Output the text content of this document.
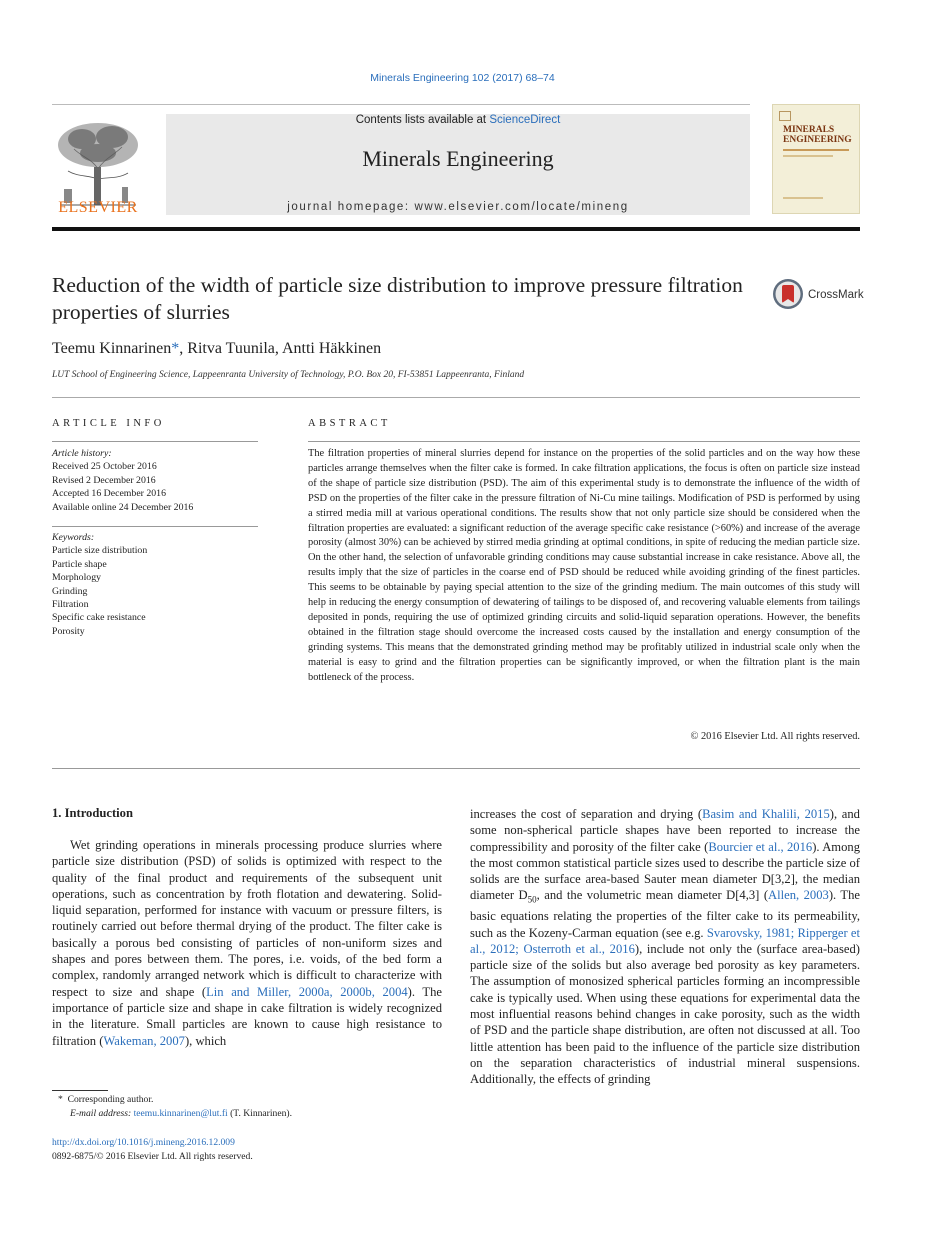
Minerals Engineering 102 (2017) 68–74
ELSEVIER
Contents lists available at ScienceDirect
Minerals Engineering
journal homepage: www.elsevier.com/locate/mineng
MINERALS
ENGINEERING
Reduction of the width of particle size distribution to improve pressure filtration properties of slurries
CrossMark
Teemu Kinnarinen*, Ritva Tuunila, Antti Häkkinen
LUT School of Engineering Science, Lappeenranta University of Technology, P.O. Box 20, FI-53851 Lappeenranta, Finland
ARTICLE INFO
Article history:
Received 25 October 2016
Revised 2 December 2016
Accepted 16 December 2016
Available online 24 December 2016
Keywords:
Particle size distribution
Particle shape
Morphology
Grinding
Filtration
Specific cake resistance
Porosity
ABSTRACT
The filtration properties of mineral slurries depend for instance on the properties of the solid particles and on the way how these particles arrange themselves when the filter cake is formed. In cake filtration applications, the focus is often on particle size instead of the shape of particle size distribution (PSD). The aim of this experimental study is to demonstrate the influence of the width of PSD on the properties of the filter cake in the pressure filtration of Ni-Cu mine tailings. Modification of PSD is performed by using a stirred media mill at various operational conditions. The results show that not only particle size should be considered when the filtration properties are evaluated: a significant reduction of the average specific cake resistance (>60%) and increase of the average porosity (almost 30%) can be achieved by stirred media grinding at optimal conditions, in spite of reducing the median particle size. On the other hand, the selection of unfavorable grinding conditions may cause substantial increase in cake resistance. Above all, the results imply that the size of particles in the coarse end of PSD should be reduced while avoiding grinding of the finest particles. This seems to be obtainable by paying special attention to the size of the grinding medium. The main outcomes of this study will help in reducing the energy consumption of dewatering of tailings to be disposed of, and recovering valuable elements from tailings deposited in ponds, requiring the use of optimized grinding circuits and solid-liquid separation operations. However, the benefits obtained in the filtration stage should overcome the increased costs caused by the installation and energy consumption of the grinding systems. This means that the demonstrated grinding method may be profitably utilized in industrial scale only when the material is easy to grind and the filtration properties can be significantly improved, or when the filtration plant is the main bottleneck of the process.
© 2016 Elsevier Ltd. All rights reserved.
1. Introduction

Wet grinding operations in minerals processing produce slurries where particle size distribution (PSD) of solids is optimized with respect to the quality of the final product and requirements of the subsequent unit operations, such as concentration by froth flotation and dewatering. Solid-liquid separation, performed for instance with vacuum or pressure filters, is routinely carried out before thermal drying of the product. The filter cake is basically a porous bed consisting of particles of non-uniform sizes and shapes and pores between them. The pores, i.e. voids, of the bed form a complex, randomly arranged network which is difficult to characterize with respect to size and shape (Lin and Miller, 2000a, 2000b, 2004). The importance of particle size and shape in cake filtration is widely recognized in the literature. Small particles are known to cause high resistance to filtration (Wakeman, 2007), which

* Corresponding author.
E-mail address: teemu.kinnarinen@lut.fi (T. Kinnarinen).
http://dx.doi.org/10.1016/j.mineng.2016.12.009
0892-6875/© 2016 Elsevier Ltd. All rights reserved.

increases the cost of separation and drying (Basim and Khalili, 2015), and some non-spherical particle shapes have been reported to increase the compressibility and porosity of the filter cake (Bourcier et al., 2016). Among the most common statistical particle sizes used to describe the particle size of solids are the surface area-based Sauter mean diameter D[3,2], the median diameter $D_{50}$, and the volumetric mean diameter D[4,3] (Allen, 2003). The basic equations relating the properties of the filter cake to its permeability, such as the Kozeny-Carman equation (see e.g. Svarovsky, 1981; Ripperger et al., 2012; Osterroth et al., 2016), include not only the (surface area-based) particle size of the solids but also average bed porosity as key parameters. The assumption of monosized spherical particles forming an incompressible cake is typically used. When using these equations for experimental data the most influential reasons behind changes in cake porosity, such as the width of PSD and the particle shape distribution, are often not discussed at all. Too little attention has been paid to the influence of the particle size distribution on the separation characteristics of industrial mineral suspensions. Additionally, the effects of grinding
